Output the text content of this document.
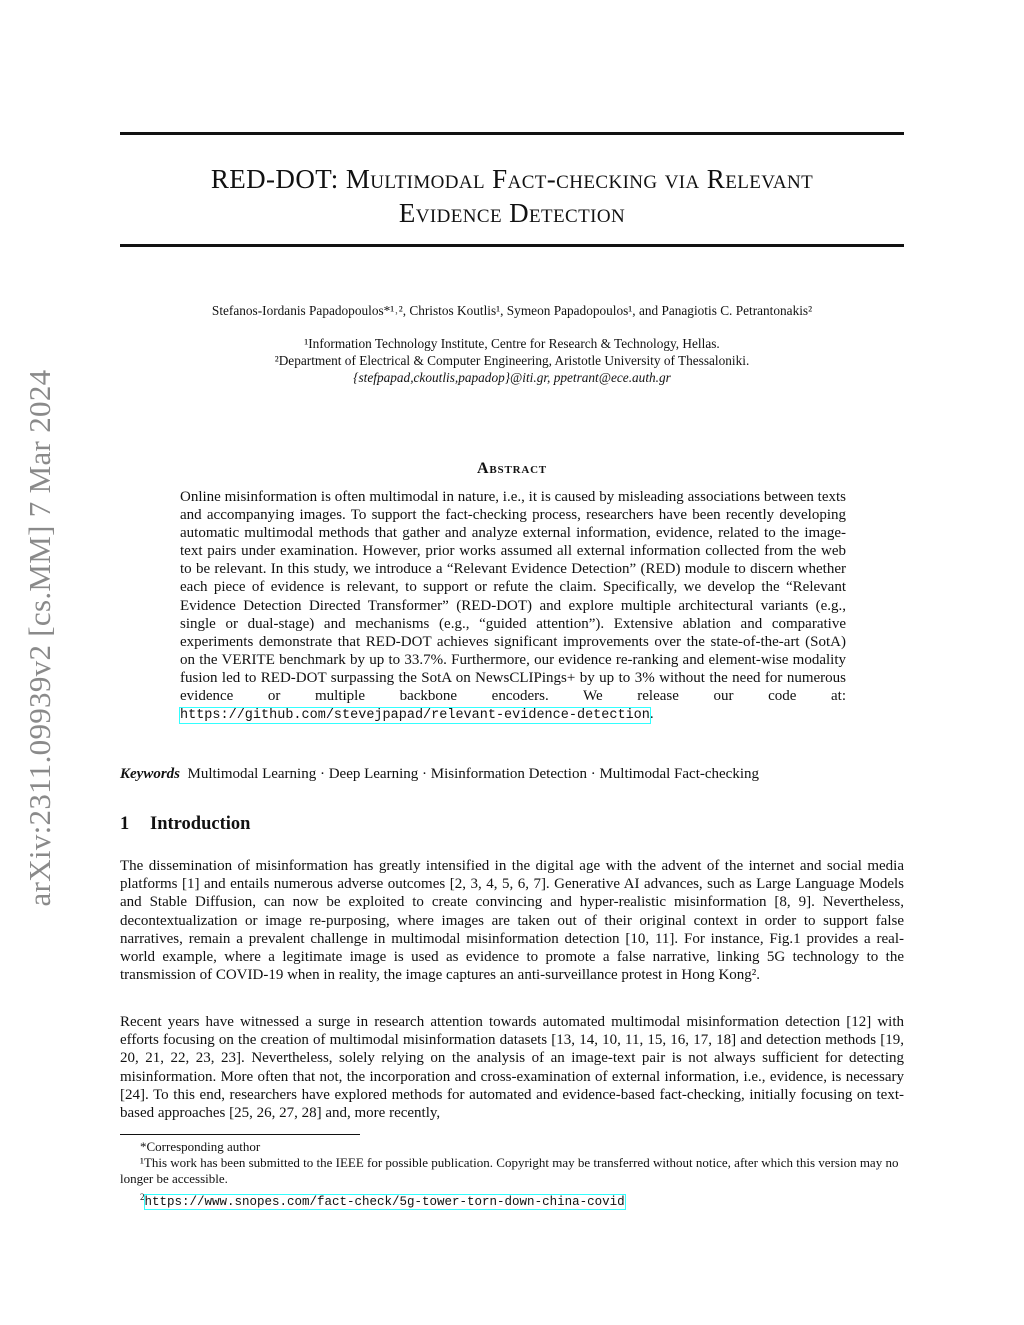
arXiv:2311.09939v2 [cs.MM] 7 Mar 2024
RED-DOT: Multimodal Fact-checking via Relevant
Evidence Detection
Stefanos-Iordanis Papadopoulos*¹˒², Christos Koutlis¹, Symeon Papadopoulos¹, and Panagiotis C. Petrantonakis²
¹Information Technology Institute, Centre for Research & Technology, Hellas.
²Department of Electrical & Computer Engineering, Aristotle University of Thessaloniki.
{stefpapad,ckoutlis,papadop}@iti.gr, ppetrant@ece.auth.gr
Abstract
Online misinformation is often multimodal in nature, i.e., it is caused by misleading associations between texts and accompanying images. To support the fact-checking process, researchers have been recently developing automatic multimodal methods that gather and analyze external information, evidence, related to the image-text pairs under examination. However, prior works assumed all external information collected from the web to be relevant. In this study, we introduce a “Relevant Evidence Detection” (RED) module to discern whether each piece of evidence is relevant, to support or refute the claim. Specifically, we develop the “Relevant Evidence Detection Directed Transformer” (RED-DOT) and explore multiple architectural variants (e.g., single or dual-stage) and mechanisms (e.g., “guided attention”). Extensive ablation and comparative experiments demonstrate that RED-DOT achieves significant improvements over the state-of-the-art (SotA) on the VERITE benchmark by up to 33.7%. Furthermore, our evidence re-ranking and element-wise modality fusion led to RED-DOT surpassing the SotA on NewsCLIPings+ by up to 3% without the need for numerous evidence or multiple backbone encoders. We release our code at: https://github.com/stevejpapad/relevant-evidence-detection.
Keywords Multimodal Learning · Deep Learning · Misinformation Detection · Multimodal Fact-checking
1 Introduction
The dissemination of misinformation has greatly intensified in the digital age with the advent of the internet and social media platforms [1] and entails numerous adverse outcomes [2, 3, 4, 5, 6, 7]. Generative AI advances, such as Large Language Models and Stable Diffusion, can now be exploited to create convincing and hyper-realistic misinformation [8, 9]. Nevertheless, decontextualization or image re-purposing, where images are taken out of their original context in order to support false narratives, remain a prevalent challenge in multimodal misinformation detection [10, 11]. For instance, Fig.1 provides a real-world example, where a legitimate image is used as evidence to promote a false narrative, linking 5G technology to the transmission of COVID-19 when in reality, the image captures an anti-surveillance protest in Hong Kong².
Recent years have witnessed a surge in research attention towards automated multimodal misinformation detection [12] with efforts focusing on the creation of multimodal misinformation datasets [13, 14, 10, 11, 15, 16, 17, 18] and detection methods [19, 20, 21, 22, 23, 23]. Nevertheless, solely relying on the analysis of an image-text pair is not always sufficient for detecting misinformation. More often that not, the incorporation and cross-examination of external information, i.e., evidence, is necessary [24]. To this end, researchers have explored methods for automated and evidence-based fact-checking, initially focusing on text-based approaches [25, 26, 27, 28] and, more recently,
*Corresponding author
¹This work has been submitted to the IEEE for possible publication. Copyright may be transferred without notice, after which this version may no longer be accessible.
$^2$https://www.snopes.com/fact-check/5g-tower-torn-down-china-covid
